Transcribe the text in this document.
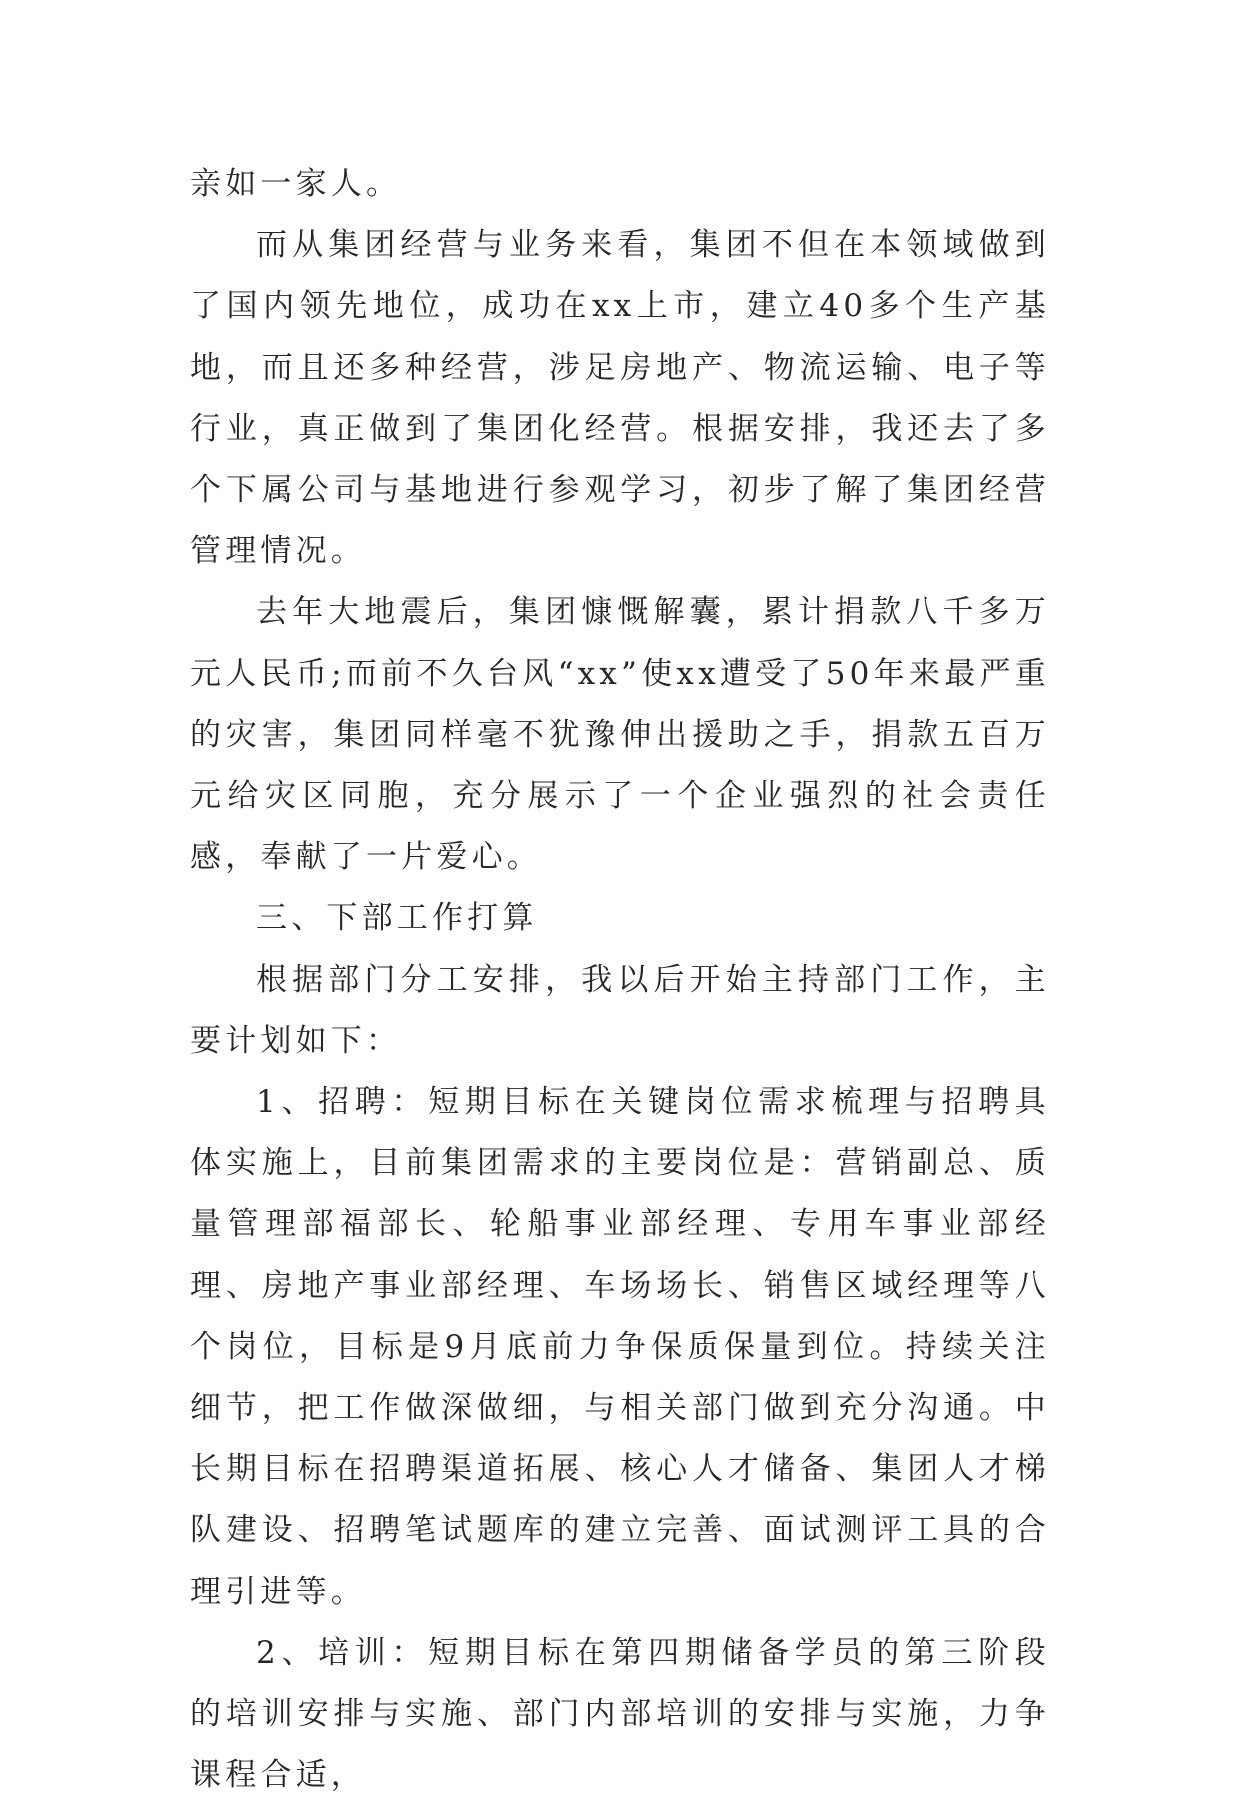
亲如一家人。

而从集团经营与业务来看，集团不但在本领域做到了国内领先地位，成功在xx上市，建立40多个生产基地，而且还多种经营，涉足房地产、物流运输、电子等行业，真正做到了集团化经营。根据安排，我还去了多个下属公司与基地进行参观学习，初步了解了集团经营管理情况。

去年大地震后，集团慷慨解囊，累计捐款八千多万元人民币;而前不久台风“xx”使xx遭受了50年来最严重的灾害，集团同样毫不犹豫伸出援助之手，捐款五百万元给灾区同胞，充分展示了一个企业强烈的社会责任感，奉献了一片爱心。

三、下部工作打算

根据部门分工安排，我以后开始主持部门工作，主要计划如下：

1、招聘：短期目标在关键岗位需求梳理与招聘具体实施上，目前集团需求的主要岗位是：营销副总、质量管理部福部长、轮船事业部经理、专用车事业部经理、房地产事业部经理、车场场长、销售区域经理等八个岗位，目标是9月底前力争保质保量到位。持续关注细节，把工作做深做细，与相关部门做到充分沟通。中长期目标在招聘渠道拓展、核心人才储备、集团人才梯队建设、招聘笔试题库的建立完善、面试测评工具的合理引进等。

2、培训：短期目标在第四期储备学员的第三阶段的培训安排与实施、部门内部培训的安排与实施，力争课程合适，
